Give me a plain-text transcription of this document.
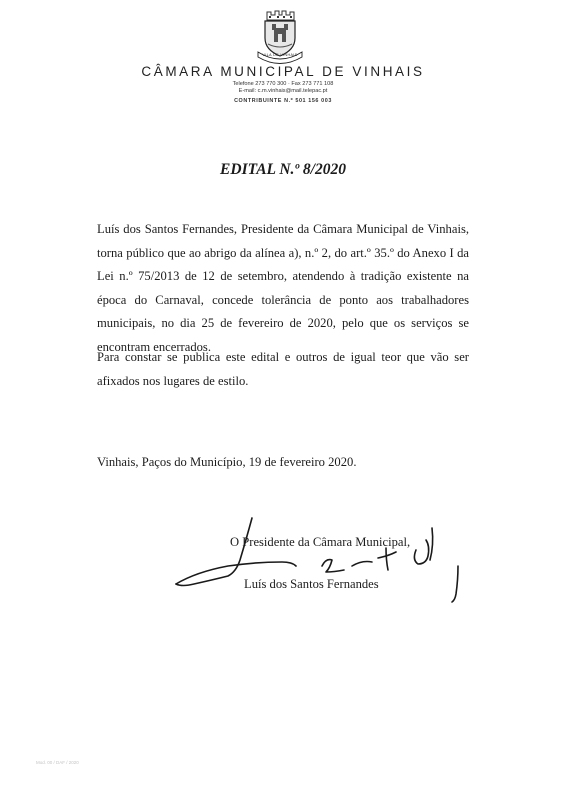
VILA DE VINHAIS
CÂMARA MUNICIPAL DE VINHAIS
Telefone 273 770 300 · Fax 273 771 108
E-mail: c.m.vinhais@mail.telepac.pt
CONTRIBUINTE N.º 501 156 003
EDITAL N.º 8/2020

Luís dos Santos Fernandes, Presidente da Câmara Municipal de Vinhais, torna público que ao abrigo da alínea a), n.º 2, do art.º 35.º do Anexo I da Lei n.º 75/2013 de 12 de setembro, atendendo à tradição existente na época do Carnaval, concede tolerância de ponto aos trabalhadores municipais, no dia 25 de fevereiro de 2020, pelo que os serviços se encontram encerrados.

Para constar se publica este edital e outros de igual teor que vão ser afixados nos lugares de estilo.

Vinhais, Paços do Município, 19 de fevereiro 2020.

O Presidente da Câmara Municipal,

Luís dos Santos Fernandes

Mod. 00 / DAF / 2020
